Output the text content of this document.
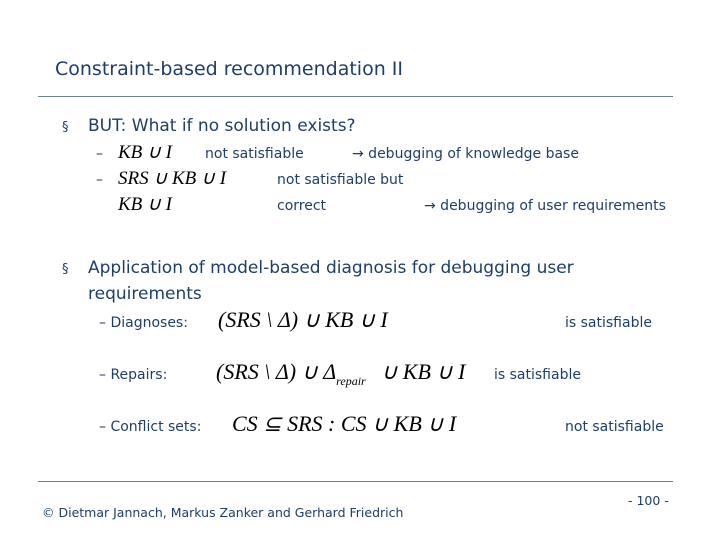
Constraint-based recommendation II
§ BUT: What if no solution exists?
– KB ∪ I not satisfiable	→ debugging of knowledge base
– SRS ∪ KB ∪ I	not satisfiable but
KB ∪ I	correct	→ debugging of user requirements
§ Application of model-based diagnosis for debugging user
requirements
– Diagnoses: (SRS \ Δ) ∪ KB ∪ I	is satisfiable
– Repairs: (SRS \ Δ) ∪ $\Delta_{repair}$ ∪ KB ∪ I is satisfiable
– Conflict sets: CS ⊆ SRS : CS ∪ KB ∪ I	not satisfiable
© Dietmar Jannach, Markus Zanker and Gerhard Friedrich
- 100 -
